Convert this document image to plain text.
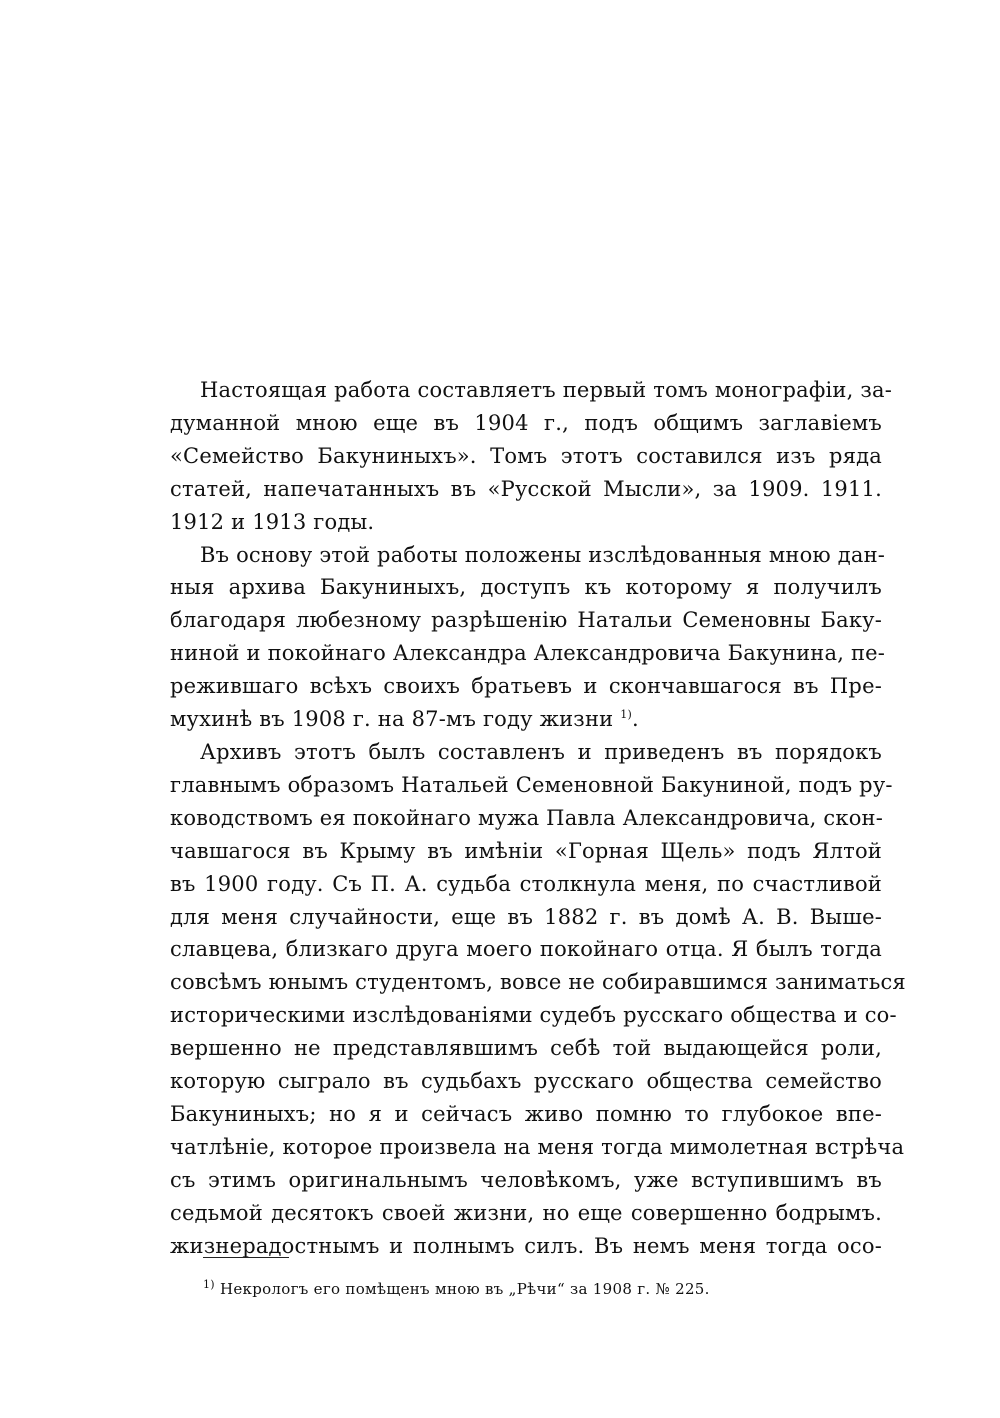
Настоящая работа составляетъ первый томъ монографіи, за-
думанной мною еще въ 1904 г., подъ общимъ заглавіемъ
«Семейство Бакуниныхъ». Томъ этотъ составился изъ ряда
статей, напечатанныхъ въ «Русской Мысли», за 1909. 1911.
1912 и 1913 годы.
Въ основу этой работы положены изслѣдованныя мною дан-
ныя архива Бакуниныхъ, доступъ къ которому я получилъ
благодаря любезному разрѣшенію Натальи Семеновны Баку-
ниной и покойнаго Александра Александровича Бакунина, пе-
режившаго всѣхъ своихъ братьевъ и скончавшагося въ Пре-
мухинѣ въ 1908 г. на 87-мъ году жизни $^{1)}$.
Архивъ этотъ былъ составленъ и приведенъ въ порядокъ
главнымъ образомъ Натальей Семеновной Бакуниной, подъ ру-
ководствомъ ея покойнаго мужа Павла Александровича, скон-
чавшагося въ Крыму въ имѣніи «Горная Щель» подъ Ялтой
въ 1900 году. Съ П. А. судьба столкнула меня, по счастливой
для меня случайности, еще въ 1882 г. въ домѣ А. В. Выше-
славцева, близкаго друга моего покойнаго отца. Я былъ тогда
совсѣмъ юнымъ студентомъ, вовсе не собиравшимся заниматься
историческими изслѣдованіями судебъ русскаго общества и со-
вершенно не представлявшимъ себѣ той выдающейся роли,
которую сыграло въ судьбахъ русскаго общества семейство
Бакуниныхъ; но я и сейчасъ живо помню то глубокое впе-
чатлѣніе, которое произвела на меня тогда мимолетная встрѣча
съ этимъ оригинальнымъ человѣкомъ, уже вступившимъ въ
седьмой десятокъ своей жизни, но еще совершенно бодрымъ.
жизнерадостнымъ и полнымъ силъ. Въ немъ меня тогда осо-
$^{1)}$ Некрологъ его помѣщенъ мною въ „Рѣчи“ за 1908 г. № 225.
